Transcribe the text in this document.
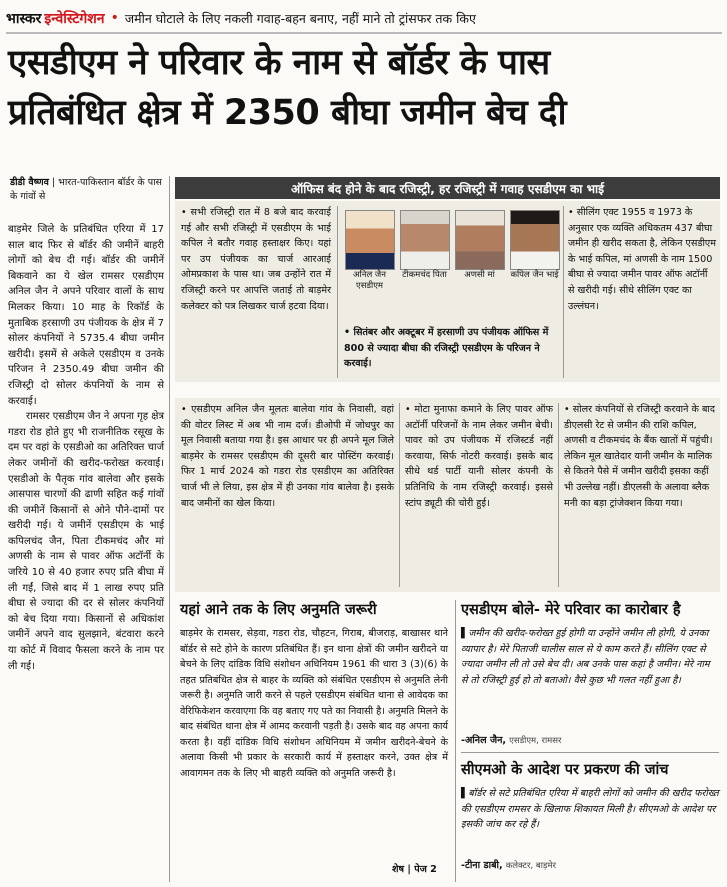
भास्कर इन्वेस्टिगेशन • जमीन घोटाले के लिए नकली गवाह-बहन बनाए, नहीं माने तो ट्रांसफर तक किए
एसडीएम ने परिवार के नाम से बॉर्डर के पास
प्रतिबंधित क्षेत्र में 2350 बीघा जमीन बेच दी
डीडी वैष्णव | भारत-पाकिस्तान बॉर्डर के पास के गांवों से
बाड़मेर जिले के प्रतिबंधित एरिया में 17 साल बाद फिर से बॉर्डर की जमीनें बाहरी लोगों को बेच दी गई। बॉर्डर की जमीनें बिकवाने का ये खेल रामसर एसडीएम अनिल जैन ने अपने परिवार वालों के साथ मिलकर किया। 10 माह के रिकॉर्ड के मुताबिक हरसाणी उप पंजीयक के क्षेत्र में 7 सोलर कंपनियों ने 5735.4 बीघा जमीन खरीदी। इसमें से अकेले एसडीएम व उनके परिजन ने 2350.49 बीघा जमीन की रजिस्ट्री दो सोलर कंपनियों के नाम से करवाई।
रामसर एसडीएम जैन ने अपना गृह क्षेत्र गडरा रोड होते हुए भी राजनीतिक रसूख के दम पर वहां के एसडीओ का अतिरिक्त चार्ज लेकर जमीनों की खरीद-फरोख्त करवाई। एसडीओ के पैतृक गांव बालेवा और इसके आसपास चारणों की ढाणी सहित कई गांवों की जमीनें किसानों से ओने पौने-दामों पर खरीदी गई। ये जमीनें एसडीएम के भाई कपिलचंद जैन, पिता टीकमचंद और मां अणसी के नाम से पावर ऑफ अटॉर्नी के जरिये 10 से 40 हजार रुपए प्रति बीघा में ली गईं, जिसे बाद में 1 लाख रुपए प्रति बीघा से ज्यादा की दर से सोलर कंपनियों को बेच दिया गया। किसानों से अधिकांश जमीनें अपने वाद सुलझाने, बंटवारा करने या कोर्ट में विवाद फैसला करने के नाम पर ली गई।
ऑफिस बंद होने के बाद रजिस्ट्री, हर रजिस्ट्री में गवाह एसडीएम का भाई
• सभी रजिस्ट्री रात में 8 बजे बाद करवाई गई और सभी रजिस्ट्री में एसडीएम के भाई कपिल ने बतौर गवाह हस्ताक्षर किए। यहां पर उप पंजीयक का चार्ज आरआई ओमप्रकाश के पास था। जब उन्होंने रात में रजिस्ट्री करने पर आपत्ति जताई तो बाड़मेर कलेक्टर को पत्र लिखकर चार्ज हटवा दिया।
अनिल जैन एसडीएम
टीकमचंद पिता	अणसी मां	कपिल जैन भाई
• सितंबर और अक्टूबर में हरसाणी उप पंजीयक ऑफिस में 800 से ज्यादा बीघा की रजिस्ट्री एसडीएम के परिजन ने करवाई।
• सीलिंग एक्ट 1955 व 1973 के अनुसार एक व्यक्ति अधिकतम 437 बीघा जमीन ही खरीद सकता है, लेकिन एसडीएम के भाई कपिल, मां अणसी के नाम 1500 बीघा से ज्यादा जमीन पावर ऑफ अटॉर्नी से खरीदी गई। सीधे सीलिंग एक्ट का उल्लंघन।
• एसडीएम अनिल जैन मूलतः बालेवा गांव के निवासी, वहां की वोटर लिस्ट में अब भी नाम दर्ज। डीओपी में जोधपुर का मूल निवासी बताया गया है। इस आधार पर ही अपने मूल जिले बाड़मेर के रामसर एसडीएम की दूसरी बार पोस्टिंग करवाई। फिर 1 मार्च 2024 को गडरा रोड एसडीएम का अतिरिक्त चार्ज भी ले लिया, इस क्षेत्र में ही उनका गांव बालेवा है। इसके बाद जमीनों का खेल किया।
• मोटा मुनाफा कमाने के लिए पावर ऑफ अटॉर्नी परिजनों के नाम लेकर जमीन बेची। पावर को उप पंजीयक में रजिस्टर्ड नहीं करवाया, सिर्फ नोटरी करवाई। इसके बाद सीधे थर्ड पार्टी यानी सोलर कंपनी के प्रतिनिधि के नाम रजिस्ट्री करवाई। इससे स्टांप ड्यूटी की चोरी हुई।
• सोलर कंपनियों से रजिस्ट्री करवाने के बाद डीएलसी रेट से जमीन की राशि कपिल, अणसी व टीकमचंद के बैंक खातों में पहुंची। लेकिन मूल खातेदार यानी जमीन के मालिक से कितने पैसे में जमीन खरीदी इसका कहीं भी उल्लेख नहीं। डीएलसी के अलावा ब्लैक मनी का बड़ा ट्रांजेक्शन किया गया।
यहां आने तक के लिए अनुमति जरूरी
बाड़मेर के रामसर, सेड़वा, गडरा रोड, चौहटन, गिराब, बीजराड़, बाखासर थाने बॉर्डर से सटे होने के कारण प्रतिबंधित हैं। इन थाना क्षेत्रों की जमीन खरीदने या बेचने के लिए दांडिक विधि संशोधन अधिनियम 1961 की धारा 3 (3)(6) के तहत प्रतिबंधित क्षेत्र से बाहर के व्यक्ति को संबंधित एसडीएम से अनुमति लेनी जरूरी है। अनुमति जारी करने से पहले एसडीएम संबंधित थाना से आवेदक का वेरिफिकेशन करवाएगा कि वह बताए गए पते का निवासी है। अनुमति मिलने के बाद संबंधित थाना क्षेत्र में आमद करवानी पड़ती है। उसके बाद वह अपना कार्य करता है। वहीं दांडिक विधि संशोधन अधिनियम में जमीन खरीदने-बेचने के अलावा किसी भी प्रकार के सरकारी कार्य में हस्ताक्षर करने, उक्त क्षेत्र में आवागमन तक के लिए भी बाहरी व्यक्ति को अनुमति जरूरी है।
शेष | पेज 2
एसडीएम बोले- मेरे परिवार का कारोबार है
▌जमीन की खरीद-फरोख्त हुई होगी या उन्होंने जमीन ली होगी, ये उनका व्यापार है। मेरे पिताजी चालीस साल से ये काम करते हैं। सीलिंग एक्ट से ज्यादा जमीन ली तो उसे बेच दी। अब उनके पास कहां है जमीन। मेरे नाम से तो रजिस्ट्री हुई हो तो बताओ। वैसे कुछ भी गलत नहीं हुआ है।
-अनिल जैन, एसडीएम, रामसर
सीएमओ के आदेश पर प्रकरण की जांच
▌बॉर्डर से सटे प्रतिबंधित एरिया में बाहरी लोगों को जमीन की खरीद फरोख्त की एसडीएम रामसर के खिलाफ शिकायत मिली है। सीएमओ के आदेश पर इसकी जांच कर रहे हैं।
-टीना डाबी, कलेक्टर, बाड़मेर
